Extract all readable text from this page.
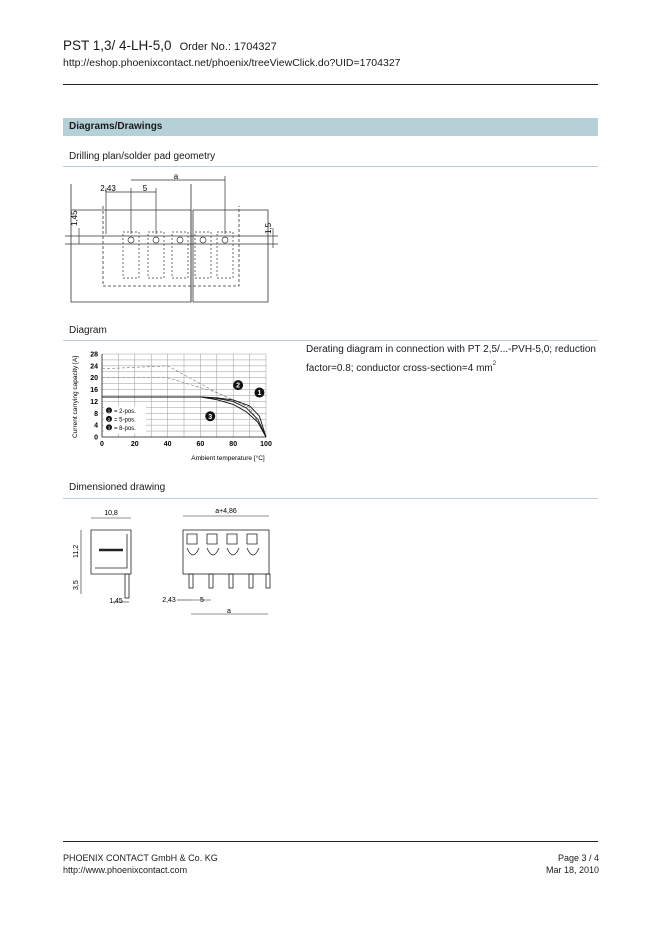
PST 1,3/ 4-LH-5,0 Order No.: 1704327
http://eshop.phoenixcontact.net/phoenix/treeViewClick.do?UID=1704327
Diagrams/Drawings
Drilling plan/solder pad geometry
a
2,43	5
1,45
1,5
Diagram
Derating diagram in connection with PT 2,5/...-PVH-5,0; reduction factor=0.8; conductor cross-section=4 $mm^2$
0
4
8
12
16
20
24
28
0	20	40	60	80	100
1 = 2-pos.
2 = 5-pos.
3 = 8-pos.
1
2
3
Ambient temperature [°C]
Current carrying capacity [A]
Dimensioned drawing
10,8
11,2
3,5
1,45
a+4,86
2,43	5
a
PHOENIX CONTACT GmbH & Co. KG
http://www.phoenixcontact.com
Page 3 / 4
Mar 18, 2010
